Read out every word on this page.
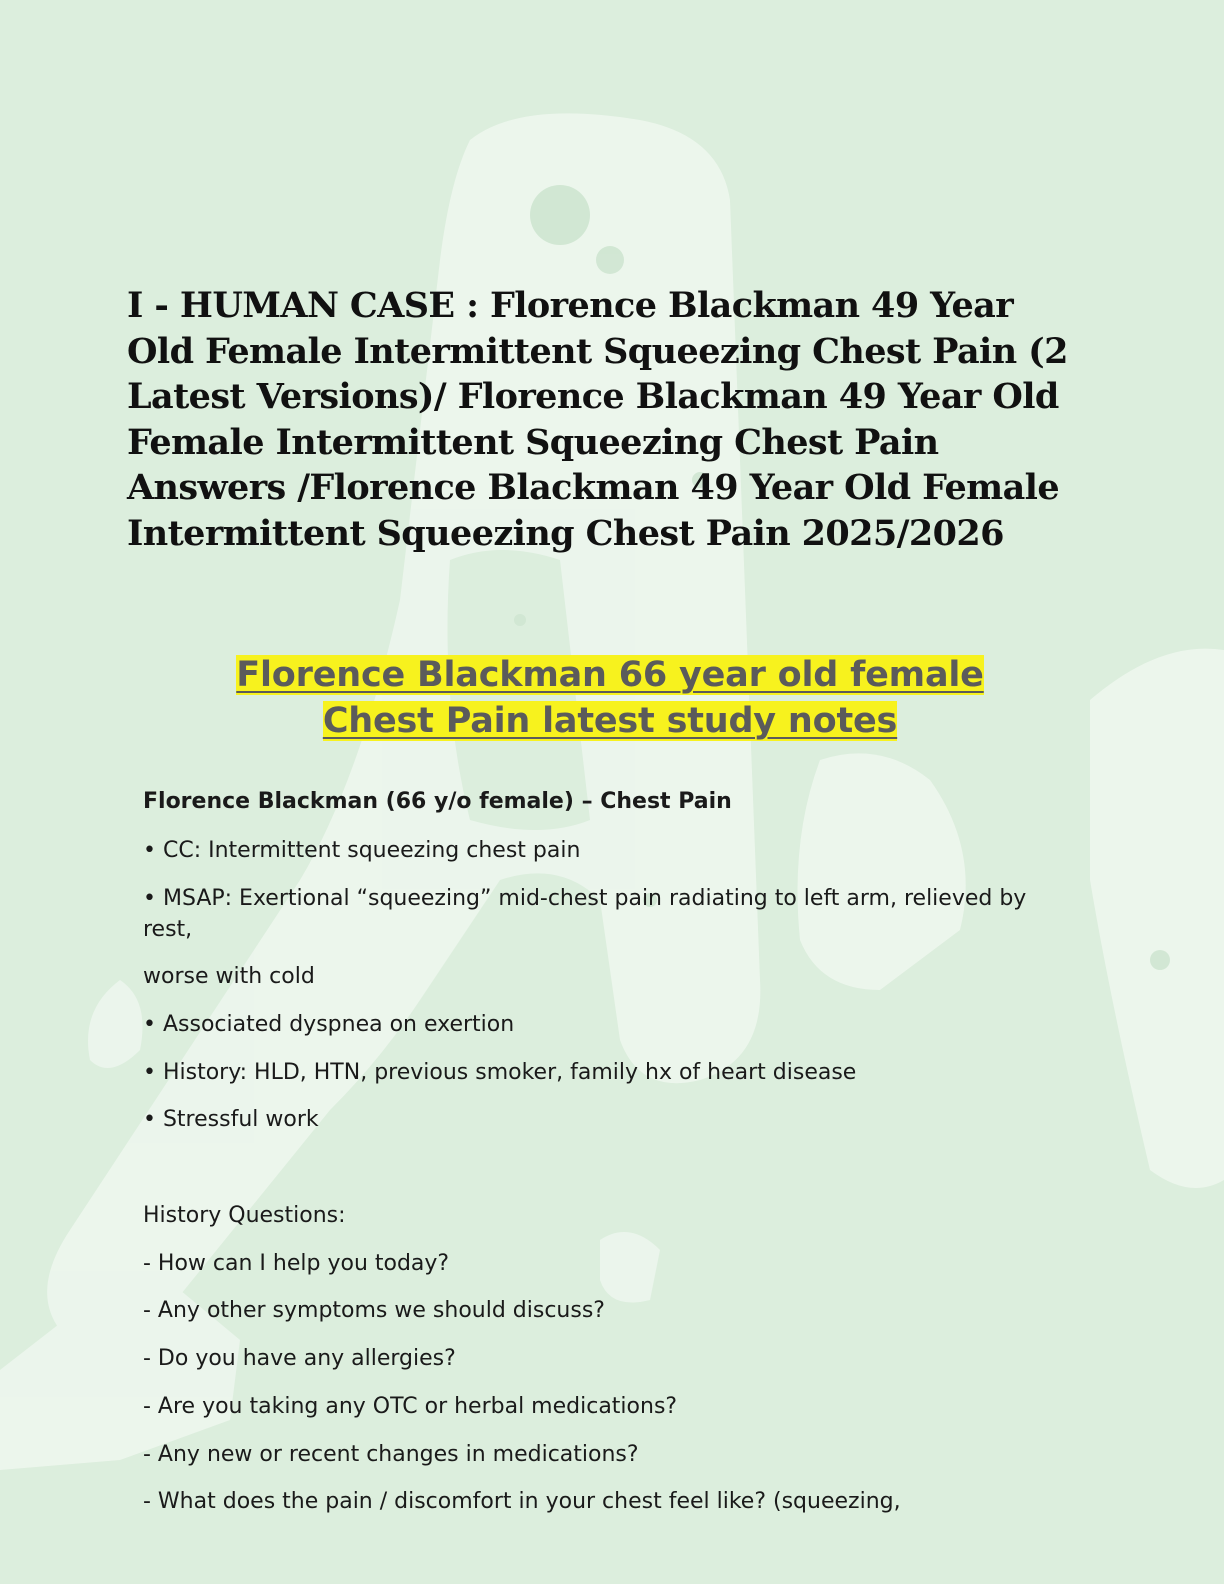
I - HUMAN CASE : Florence Blackman 49 Year Old Female Intermittent Squeezing Chest Pain (2 Latest Versions)/ Florence Blackman 49 Year Old Female Intermittent Squeezing Chest Pain Answers /Florence Blackman 49 Year Old Female Intermittent Squeezing Chest Pain 2025/2026

Florence Blackman 66 year old female
Chest Pain latest study notes

Florence Blackman (66 y/o female) – Chest Pain

• CC: Intermittent squeezing chest pain

• MSAP: Exertional “squeezing” mid-chest pain radiating to left arm, relieved by rest,

worse with cold

• Associated dyspnea on exertion

• History: HLD, HTN, previous smoker, family hx of heart disease

• Stressful work

History Questions:

- How can I help you today?

- Any other symptoms we should discuss?

- Do you have any allergies?

- Are you taking any OTC or herbal medications?

- Any new or recent changes in medications?

- What does the pain / discomfort in your chest feel like? (squeezing,
